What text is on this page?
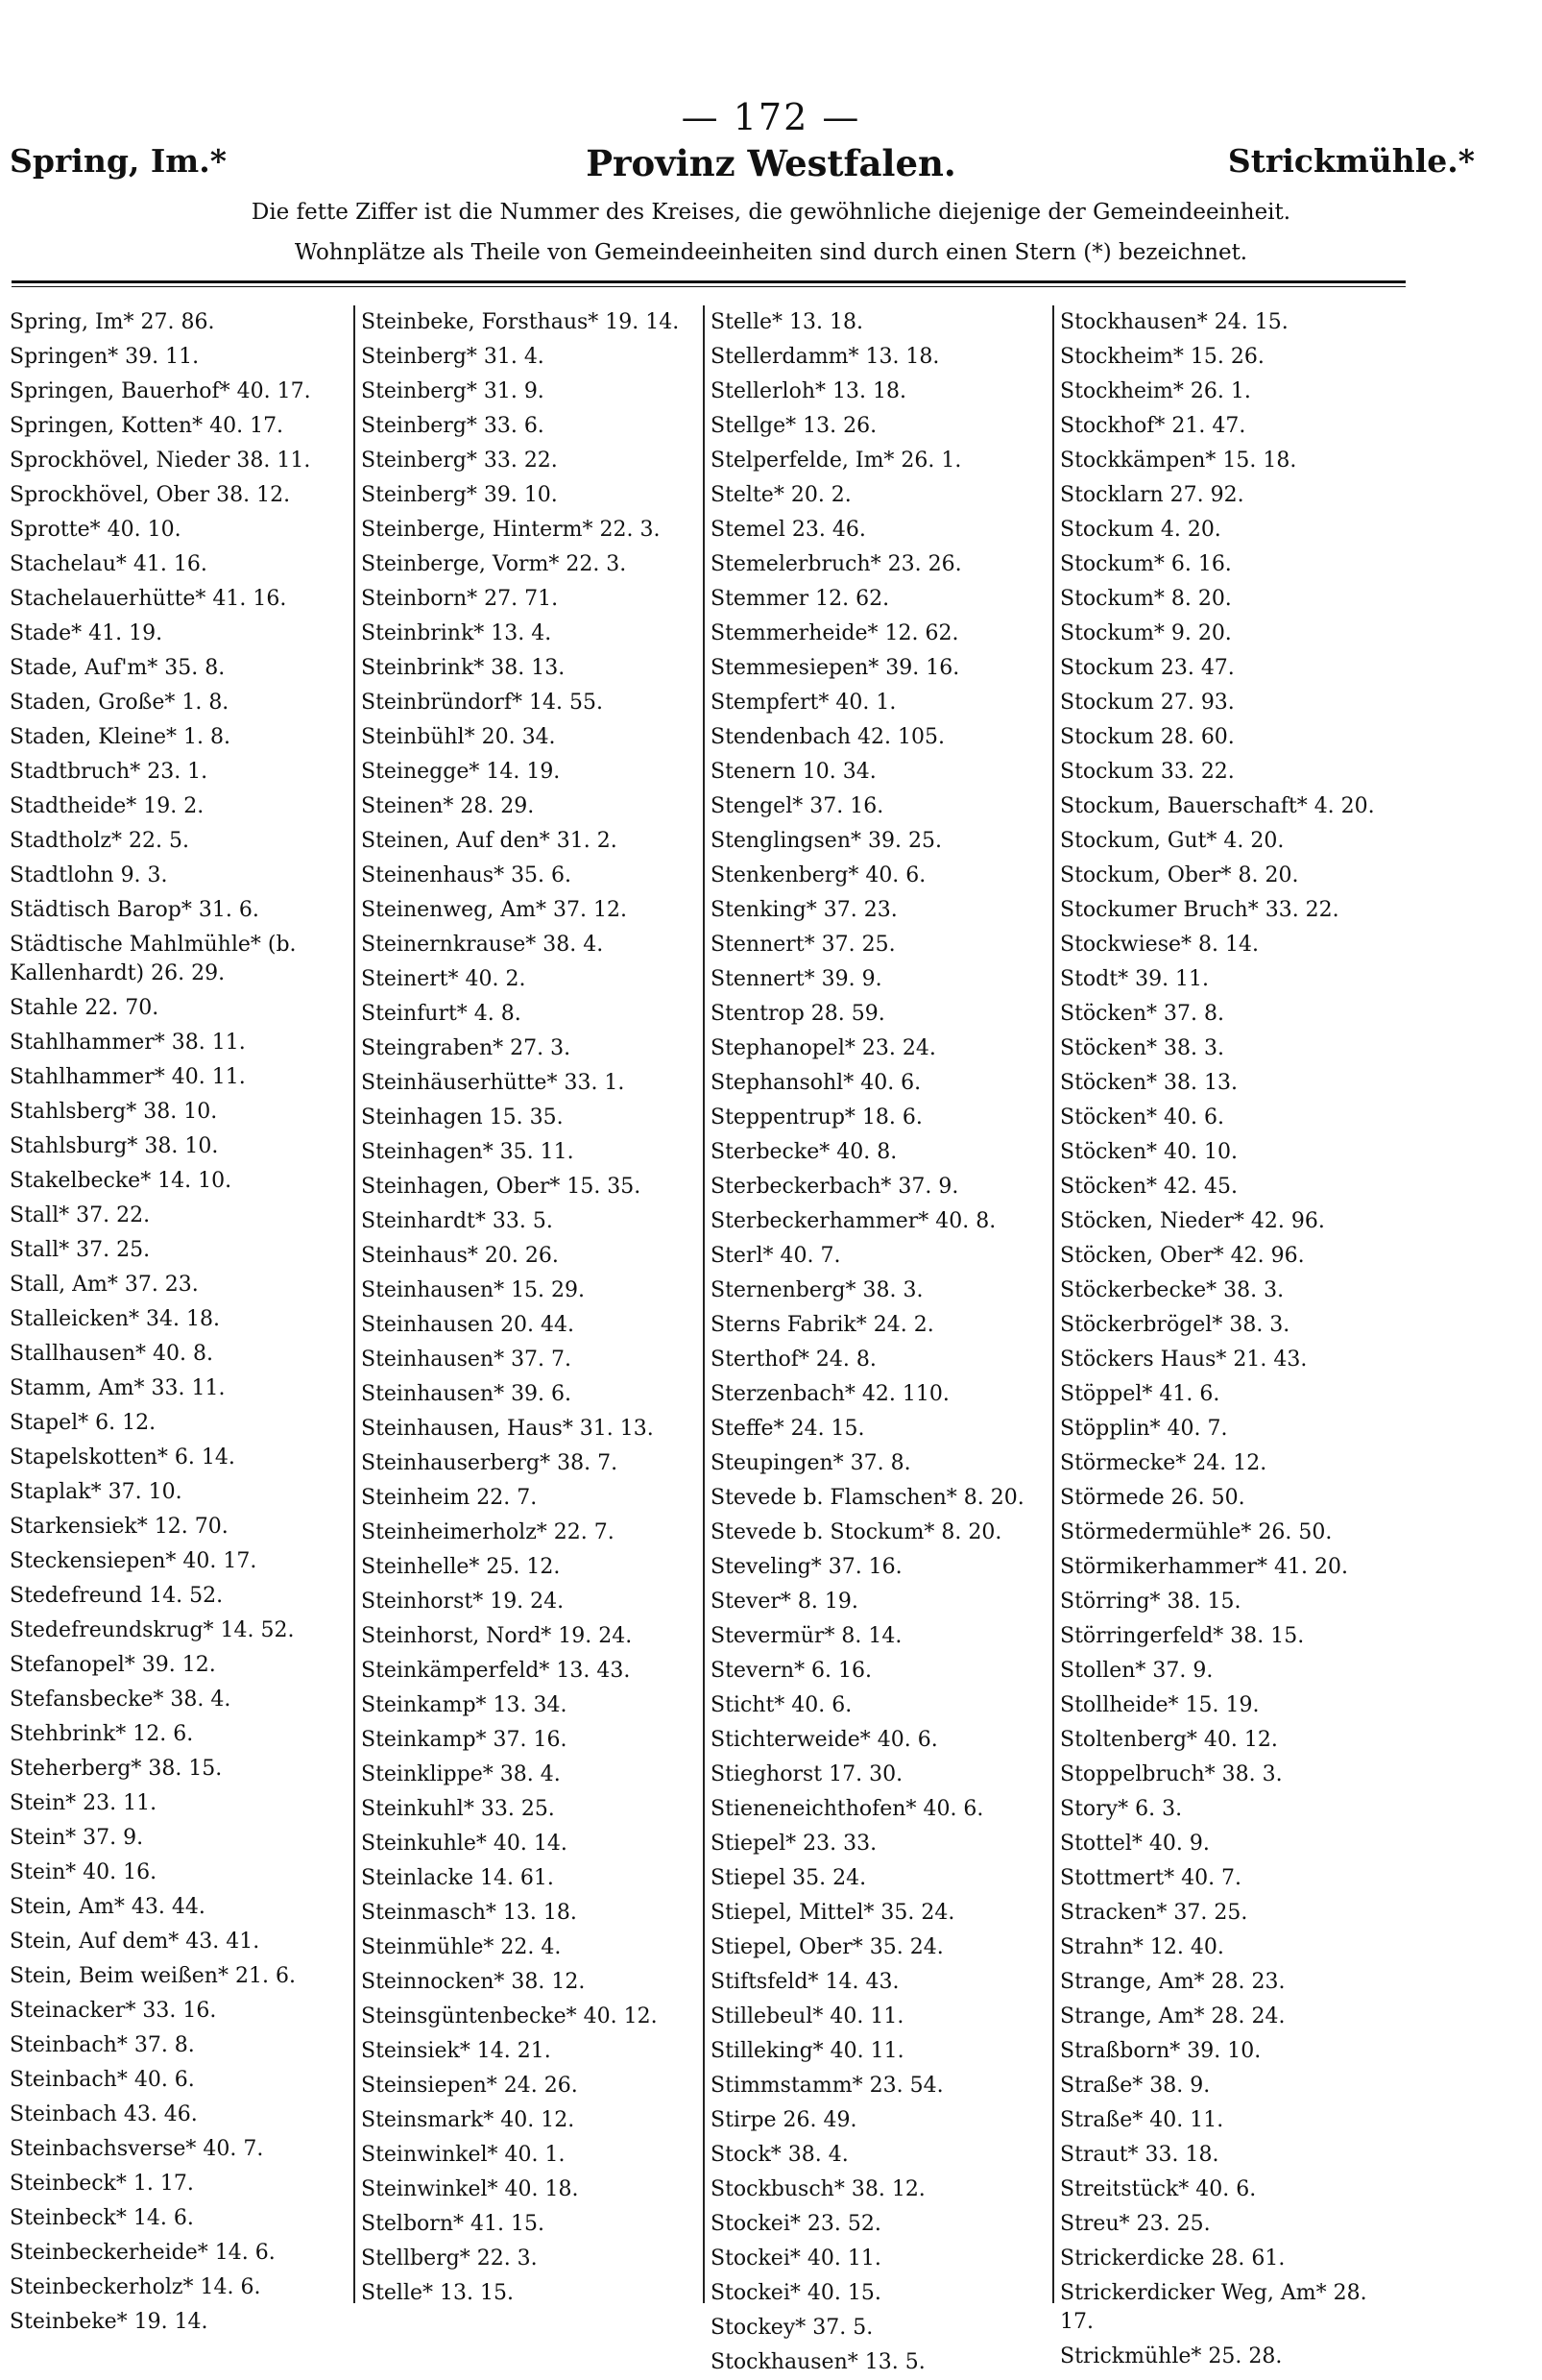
— 172 —
Spring, Im.*	Provinz Westfalen.	Strickmühle.*
Die fette Ziffer ist die Nummer des Kreises, die gewöhnliche diejenige der Gemeindeeinheit.
Wohnplätze als Theile von Gemeindeeinheiten sind durch einen Stern (*) bezeichnet.
Spring, Im* 27. 86.
Springen* 39. 11.
Springen, Bauerhof* 40. 17.
Springen, Kotten* 40. 17.
Sprockhövel, Nieder 38. 11.
Sprockhövel, Ober 38. 12.
Sprotte* 40. 10.
Stachelau* 41. 16.
Stachelauerhütte* 41. 16.
Stade* 41. 19.
Stade, Auf'm* 35. 8.
Staden, Große* 1. 8.
Staden, Kleine* 1. 8.
Stadtbruch* 23. 1.
Stadtheide* 19. 2.
Stadtholz* 22. 5.
Stadtlohn 9. 3.
Städtisch Barop* 31. 6.
Städtische Mahlmühle* (b. Kallenhardt) 26. 29.
Stahle 22. 70.
Stahlhammer* 38. 11.
Stahlhammer* 40. 11.
Stahlsberg* 38. 10.
Stahlsburg* 38. 10.
Stakelbecke* 14. 10.
Stall* 37. 22.
Stall* 37. 25.
Stall, Am* 37. 23.
Stalleicken* 34. 18.
Stallhausen* 40. 8.
Stamm, Am* 33. 11.
Stapel* 6. 12.
Stapelskotten* 6. 14.
Staplak* 37. 10.
Starkensiek* 12. 70.
Steckensiepen* 40. 17.
Stedefreund 14. 52.
Stedefreundskrug* 14. 52.
Stefanopel* 39. 12.
Stefansbecke* 38. 4.
Stehbrink* 12. 6.
Steherberg* 38. 15.
Stein* 23. 11.
Stein* 37. 9.
Stein* 40. 16.
Stein, Am* 43. 44.
Stein, Auf dem* 43. 41.
Stein, Beim weißen* 21. 6.
Steinacker* 33. 16.
Steinbach* 37. 8.
Steinbach* 40. 6.
Steinbach 43. 46.
Steinbachsverse* 40. 7.
Steinbeck* 1. 17.
Steinbeck* 14. 6.
Steinbeckerheide* 14. 6.
Steinbeckerholz* 14. 6.
Steinbeke* 19. 14.
Steinbeke, Forsthaus* 19. 14.
Steinberg* 31. 4.
Steinberg* 31. 9.
Steinberg* 33. 6.
Steinberg* 33. 22.
Steinberg* 39. 10.
Steinberge, Hinterm* 22. 3.
Steinberge, Vorm* 22. 3.
Steinborn* 27. 71.
Steinbrink* 13. 4.
Steinbrink* 38. 13.
Steinbründorf* 14. 55.
Steinbühl* 20. 34.
Steinegge* 14. 19.
Steinen* 28. 29.
Steinen, Auf den* 31. 2.
Steinenhaus* 35. 6.
Steinenweg, Am* 37. 12.
Steinernkrause* 38. 4.
Steinert* 40. 2.
Steinfurt* 4. 8.
Steingraben* 27. 3.
Steinhäuserhütte* 33. 1.
Steinhagen 15. 35.
Steinhagen* 35. 11.
Steinhagen, Ober* 15. 35.
Steinhardt* 33. 5.
Steinhaus* 20. 26.
Steinhausen* 15. 29.
Steinhausen 20. 44.
Steinhausen* 37. 7.
Steinhausen* 39. 6.
Steinhausen, Haus* 31. 13.
Steinhauserberg* 38. 7.
Steinheim 22. 7.
Steinheimerholz* 22. 7.
Steinhelle* 25. 12.
Steinhorst* 19. 24.
Steinhorst, Nord* 19. 24.
Steinkämperfeld* 13. 43.
Steinkamp* 13. 34.
Steinkamp* 37. 16.
Steinklippe* 38. 4.
Steinkuhl* 33. 25.
Steinkuhle* 40. 14.
Steinlacke 14. 61.
Steinmasch* 13. 18.
Steinmühle* 22. 4.
Steinnocken* 38. 12.
Steinsgüntenbecke* 40. 12.
Steinsiek* 14. 21.
Steinsiepen* 24. 26.
Steinsmark* 40. 12.
Steinwinkel* 40. 1.
Steinwinkel* 40. 18.
Stelborn* 41. 15.
Stellberg* 22. 3.
Stelle* 13. 15.
Stelle* 13. 18.
Stellerdamm* 13. 18.
Stellerloh* 13. 18.
Stellge* 13. 26.
Stelperfelde, Im* 26. 1.
Stelte* 20. 2.
Stemel 23. 46.
Stemelerbruch* 23. 26.
Stemmer 12. 62.
Stemmerheide* 12. 62.
Stemmesiepen* 39. 16.
Stempfert* 40. 1.
Stendenbach 42. 105.
Stenern 10. 34.
Stengel* 37. 16.
Stenglingsen* 39. 25.
Stenkenberg* 40. 6.
Stenking* 37. 23.
Stennert* 37. 25.
Stennert* 39. 9.
Stentrop 28. 59.
Stephanopel* 23. 24.
Stephansohl* 40. 6.
Steppentrup* 18. 6.
Sterbecke* 40. 8.
Sterbeckerbach* 37. 9.
Sterbeckerhammer* 40. 8.
Sterl* 40. 7.
Sternenberg* 38. 3.
Sterns Fabrik* 24. 2.
Sterthof* 24. 8.
Sterzenbach* 42. 110.
Steffe* 24. 15.
Steupingen* 37. 8.
Stevede b. Flamschen* 8. 20.
Stevede b. Stockum* 8. 20.
Steveling* 37. 16.
Stever* 8. 19.
Stevermür* 8. 14.
Stevern* 6. 16.
Sticht* 40. 6.
Stichterweide* 40. 6.
Stieghorst 17. 30.
Stieneneichthofen* 40. 6.
Stiepel* 23. 33.
Stiepel 35. 24.
Stiepel, Mittel* 35. 24.
Stiepel, Ober* 35. 24.
Stiftsfeld* 14. 43.
Stillebeul* 40. 11.
Stilleking* 40. 11.
Stimmstamm* 23. 54.
Stirpe 26. 49.
Stock* 38. 4.
Stockbusch* 38. 12.
Stockei* 23. 52.
Stockei* 40. 11.
Stockei* 40. 15.
Stockey* 37. 5.
Stockhausen* 13. 5.
Stockhausen* 24. 15.
Stockheim* 15. 26.
Stockheim* 26. 1.
Stockhof* 21. 47.
Stockkämpen* 15. 18.
Stocklarn 27. 92.
Stockum 4. 20.
Stockum* 6. 16.
Stockum* 8. 20.
Stockum* 9. 20.
Stockum 23. 47.
Stockum 27. 93.
Stockum 28. 60.
Stockum 33. 22.
Stockum, Bauerschaft* 4. 20.
Stockum, Gut* 4. 20.
Stockum, Ober* 8. 20.
Stockumer Bruch* 33. 22.
Stockwiese* 8. 14.
Stodt* 39. 11.
Stöcken* 37. 8.
Stöcken* 38. 3.
Stöcken* 38. 13.
Stöcken* 40. 6.
Stöcken* 40. 10.
Stöcken* 42. 45.
Stöcken, Nieder* 42. 96.
Stöcken, Ober* 42. 96.
Stöckerbecke* 38. 3.
Stöckerbrögel* 38. 3.
Stöckers Haus* 21. 43.
Stöppel* 41. 6.
Stöpplin* 40. 7.
Störmecke* 24. 12.
Störmede 26. 50.
Störmedermühle* 26. 50.
Störmikerhammer* 41. 20.
Störring* 38. 15.
Störringerfeld* 38. 15.
Stollen* 37. 9.
Stollheide* 15. 19.
Stoltenberg* 40. 12.
Stoppelbruch* 38. 3.
Story* 6. 3.
Stottel* 40. 9.
Stottmert* 40. 7.
Stracken* 37. 25.
Strahn* 12. 40.
Strange, Am* 28. 23.
Strange, Am* 28. 24.
Straßborn* 39. 10.
Straße* 38. 9.
Straße* 40. 11.
Straut* 33. 18.
Streitstück* 40. 6.
Streu* 23. 25.
Strickerdicke 28. 61.
Strickerdicker Weg, Am* 28. 17.
Strickmühle* 25. 28.
